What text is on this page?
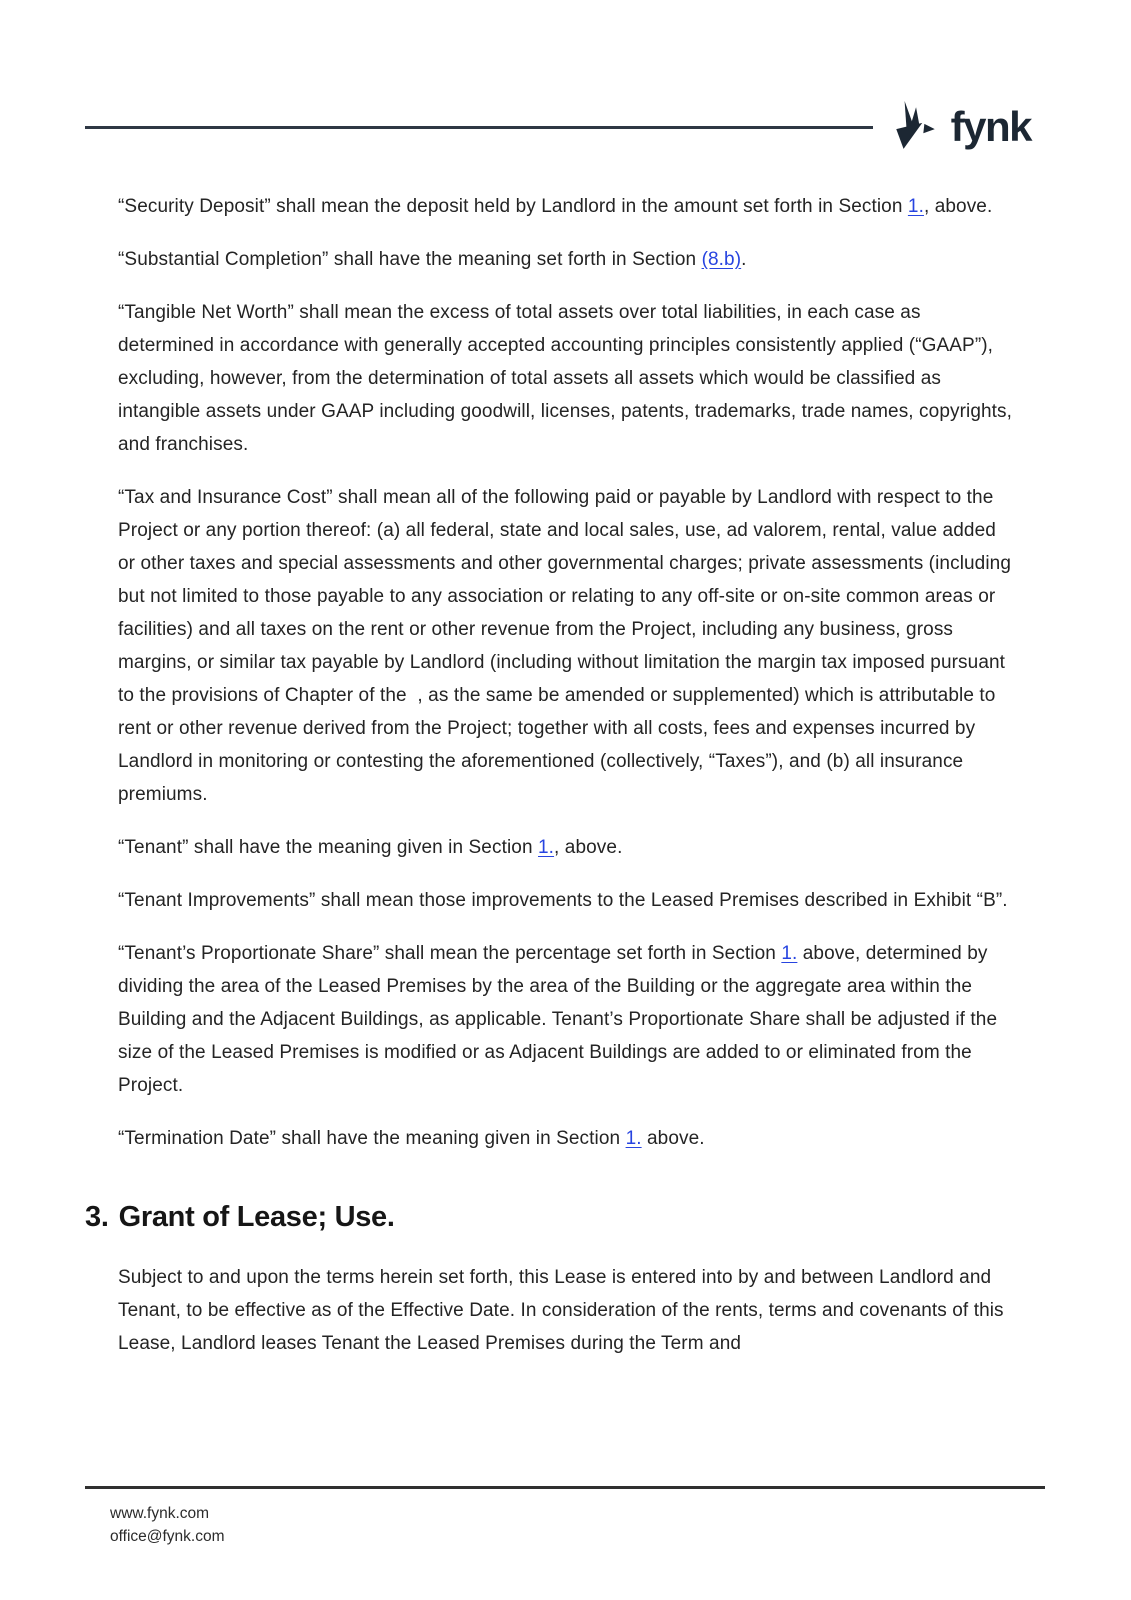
fynk

“Security Deposit” shall mean the deposit held by Landlord in the amount set forth in Section 1., above.

“Substantial Completion” shall have the meaning set forth in Section (8.b).

“Tangible Net Worth” shall mean the excess of total assets over total liabilities, in each case as determined in accordance with generally accepted accounting principles consistently applied (“GAAP”), excluding, however, from the determination of total assets all assets which would be classified as intangible assets under GAAP including goodwill, licenses, patents, trademarks, trade names, copyrights, and franchises.

“Tax and Insurance Cost” shall mean all of the following paid or payable by Landlord with respect to the Project or any portion thereof: (a) all federal, state and local sales, use, ad valorem, rental, value added or other taxes and special assessments and other governmental charges; private assessments (including but not limited to those payable to any association or relating to any off-site or on-site common areas or facilities) and all taxes on the rent or other revenue from the Project, including any business, gross margins, or similar tax payable by Landlord (including without limitation the margin tax imposed pursuant to the provisions of Chapter of the  , as the same be amended or supplemented) which is attributable to rent or other revenue derived from the Project; together with all costs, fees and expenses incurred by Landlord in monitoring or contesting the aforementioned (collectively, “Taxes”), and (b) all insurance premiums.

“Tenant” shall have the meaning given in Section 1., above.

“Tenant Improvements” shall mean those improvements to the Leased Premises described in Exhibit “B”.

“Tenant’s Proportionate Share” shall mean the percentage set forth in Section 1. above, determined by dividing the area of the Leased Premises by the area of the Building or the aggregate area within the Building and the Adjacent Buildings, as applicable. Tenant’s Proportionate Share shall be adjusted if the size of the Leased Premises is modified or as Adjacent Buildings are added to or eliminated from the Project.

“Termination Date” shall have the meaning given in Section 1. above.

3. Grant of Lease; Use.

Subject to and upon the terms herein set forth, this Lease is entered into by and between Landlord and Tenant, to be effective as of the Effective Date. In consideration of the rents, terms and covenants of this Lease, Landlord leases Tenant the Leased Premises during the Term and

www.fynk.com
office@fynk.com
